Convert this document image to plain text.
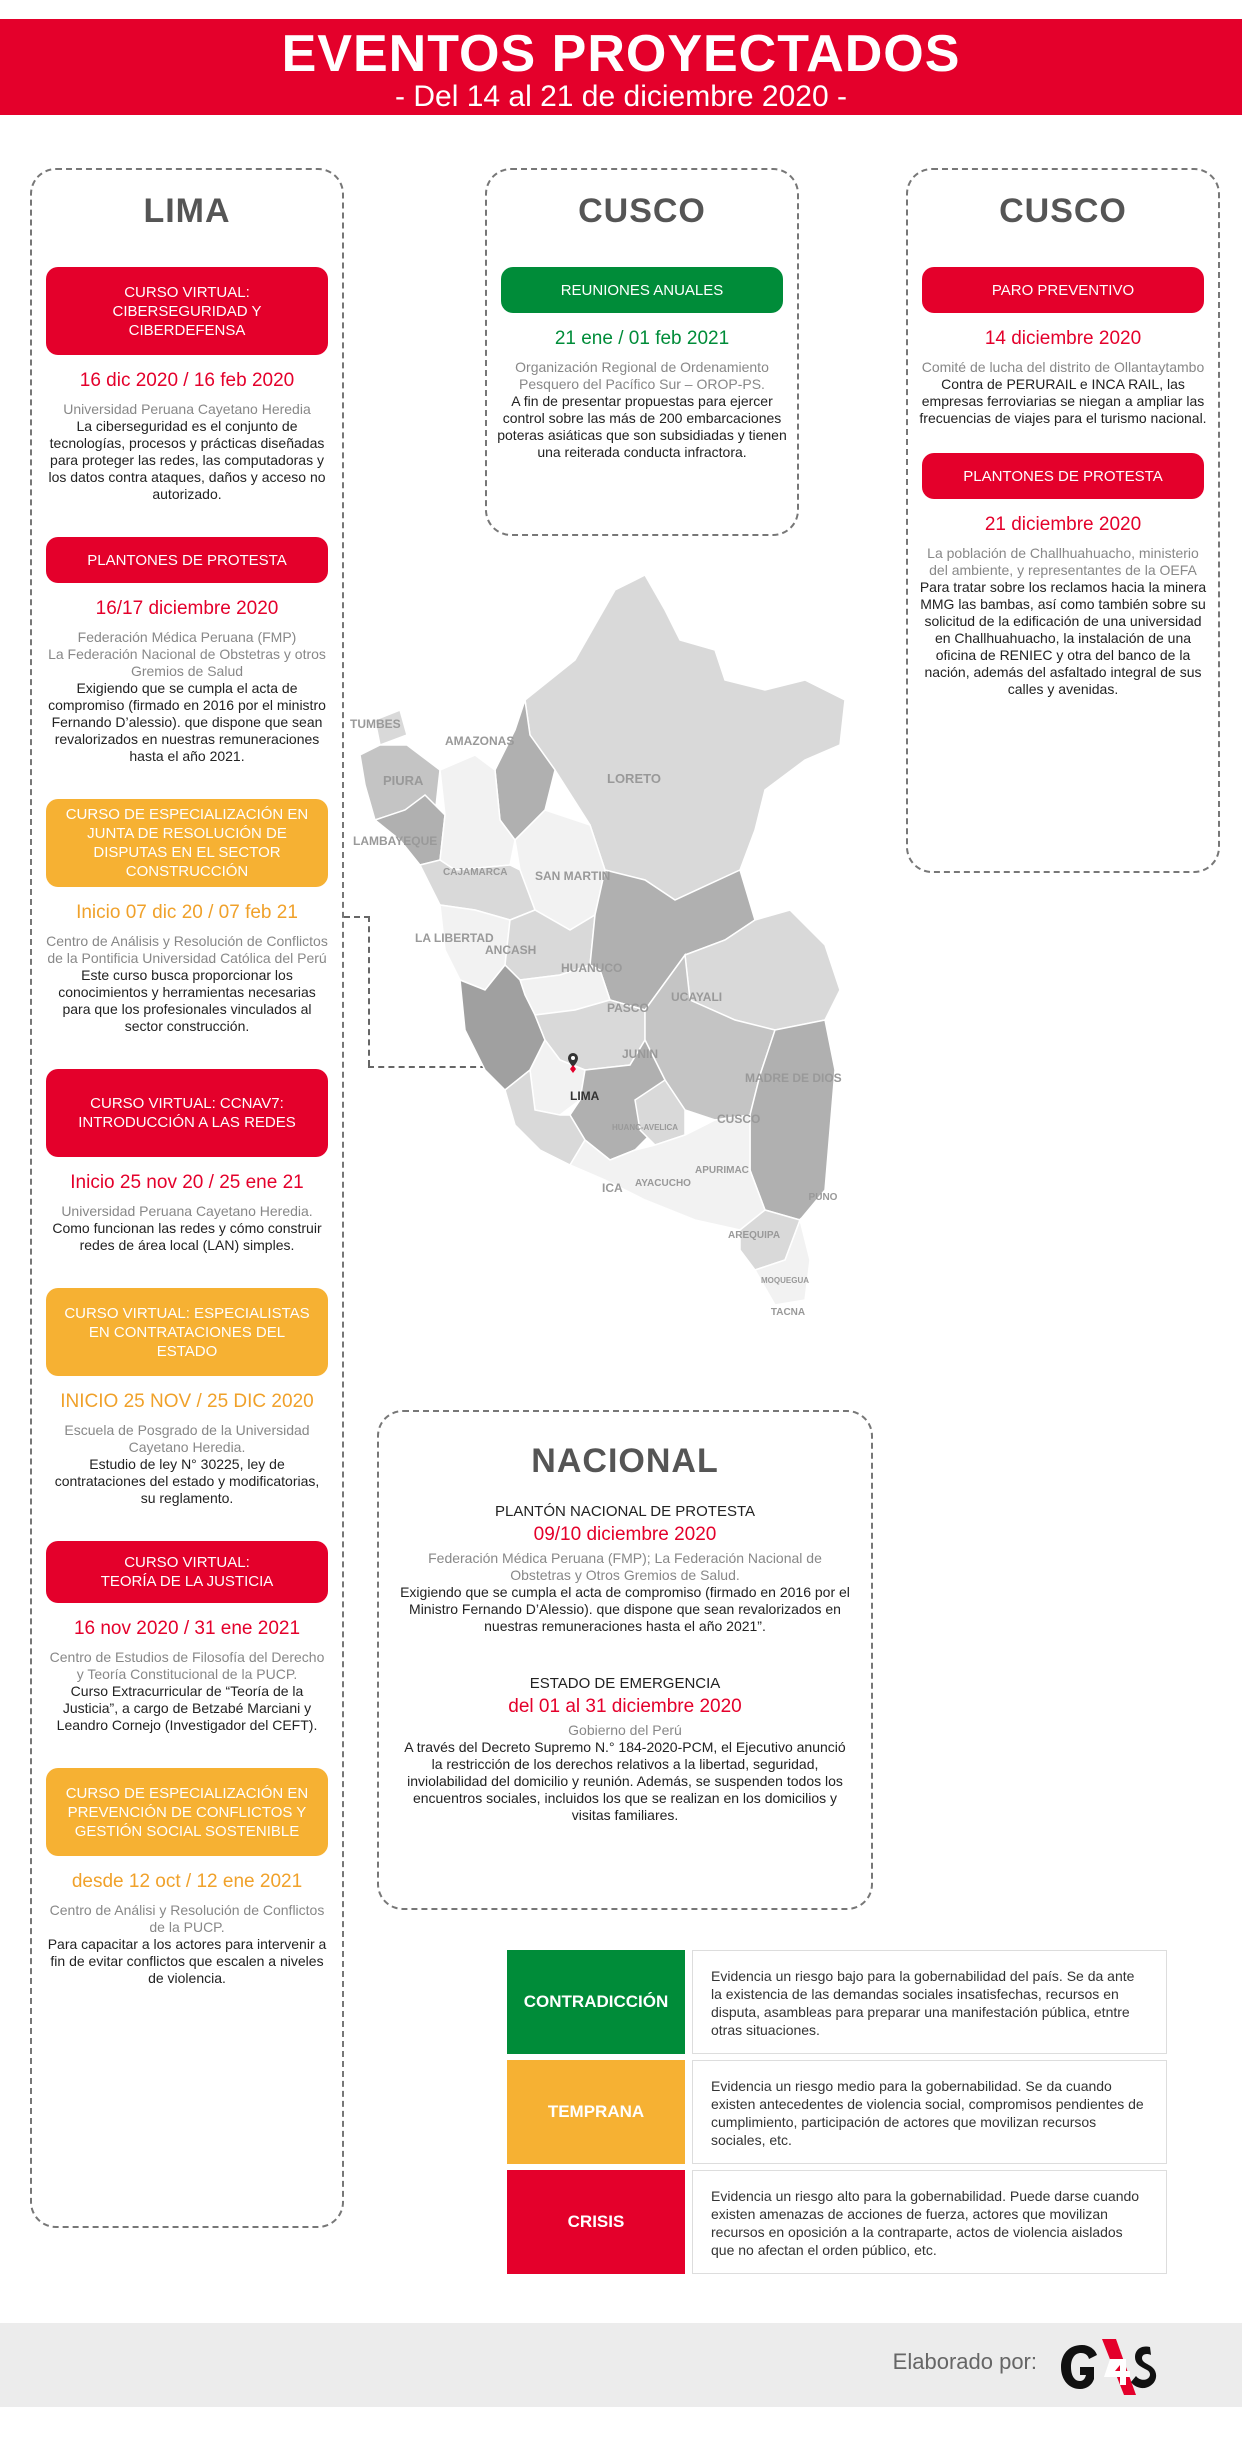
EVENTOS PROYECTADOS
- Del 14 al 21 de diciembre 2020 -
LIMA
CURSO VIRTUAL:
CIBERSEGURIDAD Y
CIBERDEFENSA
16 dic 2020 / 16 feb 2020
Universidad Peruana Cayetano Heredia
La ciberseguridad es el conjunto de tecnologías, procesos y prácticas diseñadas para proteger las redes, las computadoras y los datos contra ataques, daños y acceso no autorizado.
PLANTONES DE PROTESTA
16/17 diciembre 2020
Federación Médica Peruana (FMP)
La Federación Nacional de Obstetras y otros Gremios de Salud
Exigiendo que se cumpla el acta de compromiso (firmado en 2016 por el ministro Fernando D’alessio). que dispone que sean revalorizados en nuestras remuneraciones hasta el año 2021.
CURSO DE ESPECIALIZACIÓN EN JUNTA DE RESOLUCIÓN DE DISPUTAS EN EL SECTOR CONSTRUCCIÓN
Inicio 07 dic 20 / 07 feb 21
Centro de Análisis y Resolución de Conflictos de la Pontificia Universidad Católica del Perú
Este curso busca proporcionar los conocimientos y herramientas necesarias para que los profesionales vinculados al sector construcción.
CURSO VIRTUAL: CCNAV7:
INTRODUCCIÓN A LAS REDES
Inicio 25 nov 20 / 25 ene 21
Universidad Peruana Cayetano Heredia.
Como funcionan las redes y cómo construir redes de área local (LAN) simples.
CURSO VIRTUAL: ESPECIALISTAS EN CONTRATACIONES DEL ESTADO
INICIO 25 NOV / 25 DIC 2020
Escuela de Posgrado de la Universidad Cayetano Heredia.
Estudio de ley N° 30225, ley de contrataciones del estado y modificatorias, su reglamento.
CURSO VIRTUAL:
TEORÍA DE LA JUSTICIA
16 nov 2020 / 31 ene 2021
Centro de Estudios de Filosofía del Derecho y Teoría Constitucional de la PUCP.
Curso Extracurricular de “Teoría de la Justicia”, a cargo de Betzabé Marciani y Leandro Cornejo (Investigador del CEFT).
CURSO DE ESPECIALIZACIÓN EN PREVENCIÓN DE CONFLICTOS Y GESTIÓN SOCIAL SOSTENIBLE
desde 12 oct / 12 ene 2021
Centro de Análisi y Resolución de Conflictos de la PUCP.
Para capacitar a los actores para intervenir a fin de evitar conflictos que escalen a niveles de violencia.
CUSCO
REUNIONES ANUALES
21 ene / 01 feb 2021
Organización Regional de Ordenamiento Pesquero del Pacífico Sur – OROP-PS.
A fin de presentar propuestas para ejercer control sobre las más de 200 embarcaciones poteras asiáticas que son subsidiadas y tienen una reiterada conducta infractora.
CUSCO
PARO PREVENTIVO
14 diciembre 2020
Comité de lucha del distrito de Ollantaytambo
Contra de PERURAIL e INCA RAIL, las empresas ferroviarias se niegan a ampliar las frecuencias de viajes para el turismo nacional.
PLANTONES DE PROTESTA
21 diciembre 2020
La población de Challhuahuacho, ministerio del ambiente, y representantes de la OEFA
Para tratar sobre los reclamos hacia la minera MMG las bambas, así como también sobre su solicitud de la edificación de una universidad en Challhuahuacho, la instalación de una oficina de RENIEC y otra del banco de la nación, además del asfaltado integral de sus calles y avenidas.
TUMBES
PIURA
LAMBAYEQUE
AMAZONAS
CAJAMARCA
LORETO
SAN MARTIN
LA LIBERTAD
ANCASH
HUANUCO
UCAYALI
PASCO
JUNIN
LIMA
MADRE DE DIOS
HUANC-AVELICA
CUSCO
APURIMAC
AYACUCHO
ICA
PUNO
AREQUIPA
MOQUEGUA
TACNA
NACIONAL
PLANTÓN NACIONAL DE PROTESTA
09/10 diciembre 2020
Federación Médica Peruana (FMP); La Federación Nacional de Obstetras y Otros Gremios de Salud.
Exigiendo que se cumpla el acta de compromiso (firmado en 2016 por el Ministro Fernando D’Alessio). que dispone que sean revalorizados en nuestras remuneraciones hasta el año 2021”.
ESTADO DE EMERGENCIA
del 01 al 31 diciembre 2020
Gobierno del Perú
A través del Decreto Supremo N.° 184-2020-PCM, el Ejecutivo anunció la restricción de los derechos relativos a la libertad, seguridad, inviolabilidad del domicilio y reunión. Además, se suspenden todos los encuentros sociales, incluidos los que se realizan en los domicilios y visitas familiares.
CONTRADICCIÓN
Evidencia un riesgo bajo para la gobernabilidad del país. Se da ante la existencia de las demandas sociales insatisfechas, recursos en disputa, asambleas para preparar una manifestación pública, etntre otras situaciones.
TEMPRANA
Evidencia un riesgo medio para la gobernabilidad. Se da cuando existen antecedentes de violencia social, compromisos pendientes de cumplimiento, participación de actores que movilizan recursos sociales, etc.
CRISIS
Evidencia un riesgo alto para la gobernabilidad. Puede darse cuando existen amenazas de acciones de fuerza, actores que movilizan recursos en oposición a la contraparte, actos de violencia aislados que no afectan el orden público, etc.
Elaborado por:
